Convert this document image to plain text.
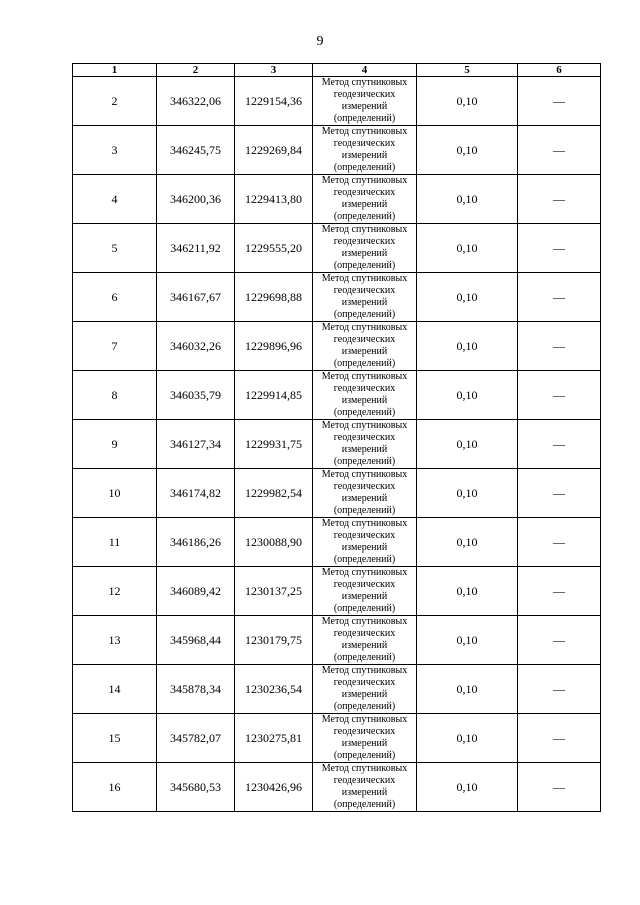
9
1	2	3	4	5	6
2	346322,06	1229154,36	Метод спутниковых геодезических измерений (определений)	0,10	—
3	346245,75	1229269,84	Метод спутниковых геодезических измерений (определений)	0,10	—
4	346200,36	1229413,80	Метод спутниковых геодезических измерений (определений)	0,10	—
5	346211,92	1229555,20	Метод спутниковых геодезических измерений (определений)	0,10	—
6	346167,67	1229698,88	Метод спутниковых геодезических измерений (определений)	0,10	—
7	346032,26	1229896,96	Метод спутниковых геодезических измерений (определений)	0,10	—
8	346035,79	1229914,85	Метод спутниковых геодезических измерений (определений)	0,10	—
9	346127,34	1229931,75	Метод спутниковых геодезических измерений (определений)	0,10	—
10	346174,82	1229982,54	Метод спутниковых геодезических измерений (определений)	0,10	—
11	346186,26	1230088,90	Метод спутниковых геодезических измерений (определений)	0,10	—
12	346089,42	1230137,25	Метод спутниковых геодезических измерений (определений)	0,10	—
13	345968,44	1230179,75	Метод спутниковых геодезических измерений (определений)	0,10	—
14	345878,34	1230236,54	Метод спутниковых геодезических измерений (определений)	0,10	—
15	345782,07	1230275,81	Метод спутниковых геодезических измерений (определений)	0,10	—
16	345680,53	1230426,96	Метод спутниковых геодезических измерений (определений)	0,10	—
